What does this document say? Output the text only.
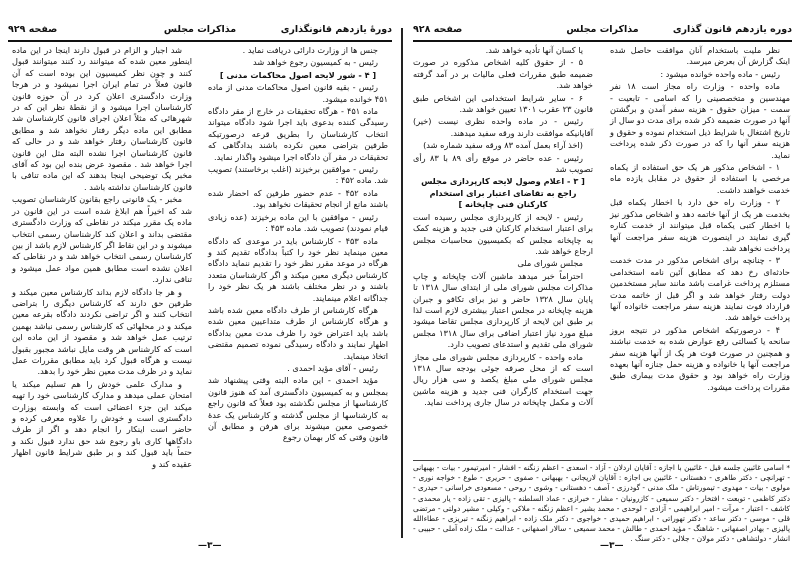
دورهٔ یازدهم قانونگذاری
مذاکرات مجلس
صفحه ۹۲۹

جنس ها از وزارت دارائی دریافت نماید .

رئیس - به کمیسیون رجوع خواهد شد

[ ۴ - شور لایحه اصول محاکمات مدنی ]

رئیس - بقیه قانون اصول محاکمات مدنی از ماده ۴۵۱ خوانده میشود.

ماده ۴۵۱ - هرگاه تحقیقات در خارج از مقر دادگاه رسیدگی کننده بدعوی باید اجرا شود دادگاه میتواند انتخاب کارشناسان را بطریق قرعه درصورتیکه طرفین بتراضی معین نکرده باشند بدادگاهی که تحقیقات در مقر آن دادگاه اجرا میشود واگذار نماید.

رئیس - موافقین برخیزند (اغلب برخاستند) تصویب شد. ماده ۴۵۲ :

ماده ۴۵۲ - عدم حضور طرفین که احضار شده باشند مانع از انجام تحقیقات نخواهد بود.

رئیس - موافقین با این ماده برخیزند (عده زیادی قیام نمودند) تصویب شد. ماده ۴۵۳ :

ماده ۴۵۳ - کارشناس باید در موعدی که دادگاه معین مینماید نظر خود را کتباً بدادگاه تقدیم کند و هرگاه در موعد مقرر نظر خود را تقدیم ننماید دادگاه کارشناس دیگری معین میکند و اگر کارشناسان متعدد باشند و در نظر مختلف باشند هر یک نظر خود را جداگانه اعلام مینمایند.

هرگاه کارشناس از طرف دادگاه معین شده باشد و هرگاه کارشناس از طرف متداعیین معین شده باشد باید اعتراض خود را ظرف مدت معین بدادگاه اظهار نمایند و دادگاه رسیدگی نموده تصمیم مقتضی اتخاذ مینماید.

رئیس - آقای مؤید احمدی .

مؤید احمدی - این ماده البته وقتی پیشنهاد شد بمجلس و به کمیسیون دادگستری آمد که هنوز قانون کارشناسها از مجلس نگذشته بود فعلاً که قانون راجع به کارشناسها از مجلس گذشته و کارشناس یک عدهٔ خصوصی معین میشوند برای هرفن و مطابق آن قانون وقتی که کار بهمان رجوع

شد اجبار و الزام در قبول دارند اینجا در این ماده اینطور معین شده که میتوانند رد کنند میتوانند قبول کنند و چون نظر کمیسیون این بوده است که آن قانون فعلاً در تمام ایران اجرا نمیشود و در هرجا وزارت دادگستری اعلان کرد در آن حوزه قانون کارشناسان اجرا میشود و از نقطهٔ نظر این که در شهرهائی که مثلاً اعلان اجرای قانون کارشناسان شد مطابق این ماده دیگر رفتار نخواهد شد و مطابق قانون کارشناسان رفتار خواهد شد و در حالی که قانون کارشناسان اجرا نشده البته مثل این قانون اجرا خواهد شد . مقصود عرض بنده این بود که آقای مخبر یک توضیحی اینجا بدهند که این ماده تنافی با قانون کارشناسان نداشته باشد .

مخبر - یک قانونی راجع بقانون کارشناسان تصویب شد که اخیراً هم ابلاغ شده است در این قانون در ماده یک مقرر میکند در نقاطی که وزارت دادگستری مقتضی بداند و اعلان کند کارشناسان رسمی انتخاب میشوند و در این نقاط اگر کارشناس لازم باشد از بین کارشناسان رسمی انتخاب خواهد شد و در نقاطی که اعلان نشده است مطابق همین مواد عمل میشود و تنافی ندارد.

و هر جا دادگاه لازم بداند کارشناس معین میکند و طرفین حق دارند که کارشناس دیگری را بتراضی انتخاب کنند و اگر تراضی نکردند دادگاه بقرعه معین میکند و در محلهائی که کارشناس رسمی نباشد بهمین ترتیب عمل خواهد شد و مقصود از این ماده این است که کارشناس هر وقت مایل نباشد مجبور بقبول نیست و هرگاه قبول کرد باید مطابق مقررات عمل نماید و در ظرف مدت معین نظر خود را بدهد.

و مدارک علمی خودش را هم تسلیم میکند یا امتحان عملی میدهد و مدارک کارشناسی خود را تهیه میکند این جزء اعضائی است که وابسته بوزارت دادگستری است و خودش را علاوه معرفی کرده و حاضر است اینکار را انجام دهد و اگر از طرف دادگاهها کاری باو رجوع شد حق ندارد قبول نکند و حتماً باید قبول کند و بر طبق شرایط قانون اظهار عقیده کند و

—۳—
دوره یازدهم قانون گذاری
مذاکرات مجلس
صفحه ۹۲۸

نظر ملیت باستخدام آنان موافقت حاصل شده اینک گزارش آن بعرض میرسد.

رئیس - ماده واحده خوانده میشود :

ماده واحده - وزارت راه مجاز است ۱۸ نفر مهندسین و متخصصینی را که اسامی - تابعیت - سمت - میزان حقوق - هزینه سفر آمدن و برگشتن آنها در صورت ضمیمه ذکر شده برای مدت دو سال از تاریخ اشتغال با شرایط ذیل استخدام نموده و حقوق و هزینه سفر آنها را که در صورت ذکر شده پرداخت نماید.

۱ - اشخاص مذکور هر یک حق استفاده از یکماه مرخصی با استفاده از حقوق در مقابل یازده ماه خدمت خواهند داشت.

۲ - وزارت راه حق دارد با اخطار یکماه قبل بخدمت هر یک از آنها خاتمه دهد و اشخاص مذکور نیز با اخطار کتبی یکماه قبل میتوانند از خدمت کناره گیری نمایند در اینصورت هزینه سفر مراجعت آنها پرداخت نخواهد شد.

۳ - چنانچه برای اشخاص مذکور در مدت خدمت حادثه‌ای رخ دهد که مطابق آئین نامه استخدامی مستلزم پرداخت غرامت باشد مانند سایر مستخدمین دولت رفتار خواهد شد و اگر قبل از خاتمه مدت قرارداد فوت نمایند هزینه سفر مراجعت خانواده آنها پرداخت خواهد شد.

۴ - درصورتیکه اشخاص مذکور در نتیجه بروز سانحه یا کسالتی رفع عوارض شده به خدمت نباشند و همچنین در صورت فوت هر یک از آنها هزینه سفر مراجعت آنها یا خانواده و هزینه حمل جنازه آنها بعهده وزارت راه خواهد بود و حقوق مدت بیماری طبق مقررات پرداخت میشود.

یا کسان آنها تأدیه خواهد شد.

۵ - از حقوق کلیه اشخاص مذکوره در صورت ضمیمه طبق مقررات فعلی مالیات بر در آمد گرفته خواهد شد.

۶ - سایر شرایط استخدامی این اشخاص طبق قانون ۲۳ عقرب ۱۳۰۱ تعیین خواهد شد.

رئیس - در ماده واحده نظری نیست (خیر) آقایانیکه موافقت دارند ورقه سفید میدهند.

(اخذ آراء بعمل آمده ۸۳ ورقه سفید شماره شد)

رئیس - عده حاضر در موقع رأی ۸۹ با ۸۳ رأی تصویب شد

[ ۳ - اعلام وصول لایحه کارپردازی مجلس راجع به تقاضای اعتبار برای استخدام کارکنان فنی چاپخانه ]

رئیس - لایحه از کارپردازی مجلس رسیده است برای اعتبار استخدام کارکنان فنی جدید و هزینه کمک به چاپخانه مجلس که بکمیسیون محاسبات مجلس ارجاع خواهد شد.

مجلس شورای ملی

احتراماً خبر میدهد ماشین آلات چاپخانه و چاپ مذاکرات مجلس شورای ملی از ابتدای سال ۱۳۱۸ تا پایان سال ۱۳۲۸ حاضر و نیز برای تکافو و جبران هزینه چاپخانه در مجلس اعتبار بیشتری لازم است لذا بر طبق این لایحه از کارپردازی مجلس تقاضا میشود مبلغ مورد نیاز اعتبار اضافی برای سال ۱۳۱۸ مجلس شورای ملی تقدیم و استدعای تصویب دارد.

ماده واحده - کارپردازی مجلس شورای ملی مجاز است که از محل صرفه جوئی بودجه سال ۱۳۱۸ مجلس شورای ملی مبلغ یکصد و سی هزار ریال جهت استخدام کارگران فنی جدید و هزینه ماشین آلات و مکمل چاپخانه در سال جاری پرداخت نماید.

* اسامی غائبین جلسه قبل - غائبین با اجازه : آقایان اردلان - آزاد - اسعدی - اعظم زنگنه - افشار - امیرتیمور - بیات - بهبهانی - تهرانچی - دکتر طاهری - دهستانی - غائبین بی اجازه : آقایان لاریجانی - بهبهانی - صفوی - حریری - طوع - خواجه نوری - مولوی - بیات - مهدوی - تیمورتاش - ملک مدنی - گودرزی - آصف - دهستانی - وشوی - روحی - مسعودی خراسانی - حیدری - دکتر کاظمی - توبعت - افتخار - دکتر سمیعی - کازرونیان - مشار - خبرازی - عماد السلطنه - پالیزی - تقی زاده - یار محمدی - کاشف - اعتبار - مرآت - امیر ابراهیمی - آزادی - لوحدی - محمد بشیر - اعظم زنگنه - ملاکی - وکیلی - مشیر دولتی - مرتضی قلی - موسی - دکتر ساعد - دکتر تهوراتی - ابراهیم حمیدی - خواجوی - دکتر ملک زاده - ابراهیم زنگنه - تبریزی - عطاءالله پالیزی - بهادر اصفهانی - شاهنگ - مؤید احمدی - طالش - محمد سمیعی - سالار اصفهانی - عدالت - ملک زاده آملی - حبیبی - انشار - دولتشاهی - دکتر مولان - جلالی - دکتر سنگ .
—۳—
